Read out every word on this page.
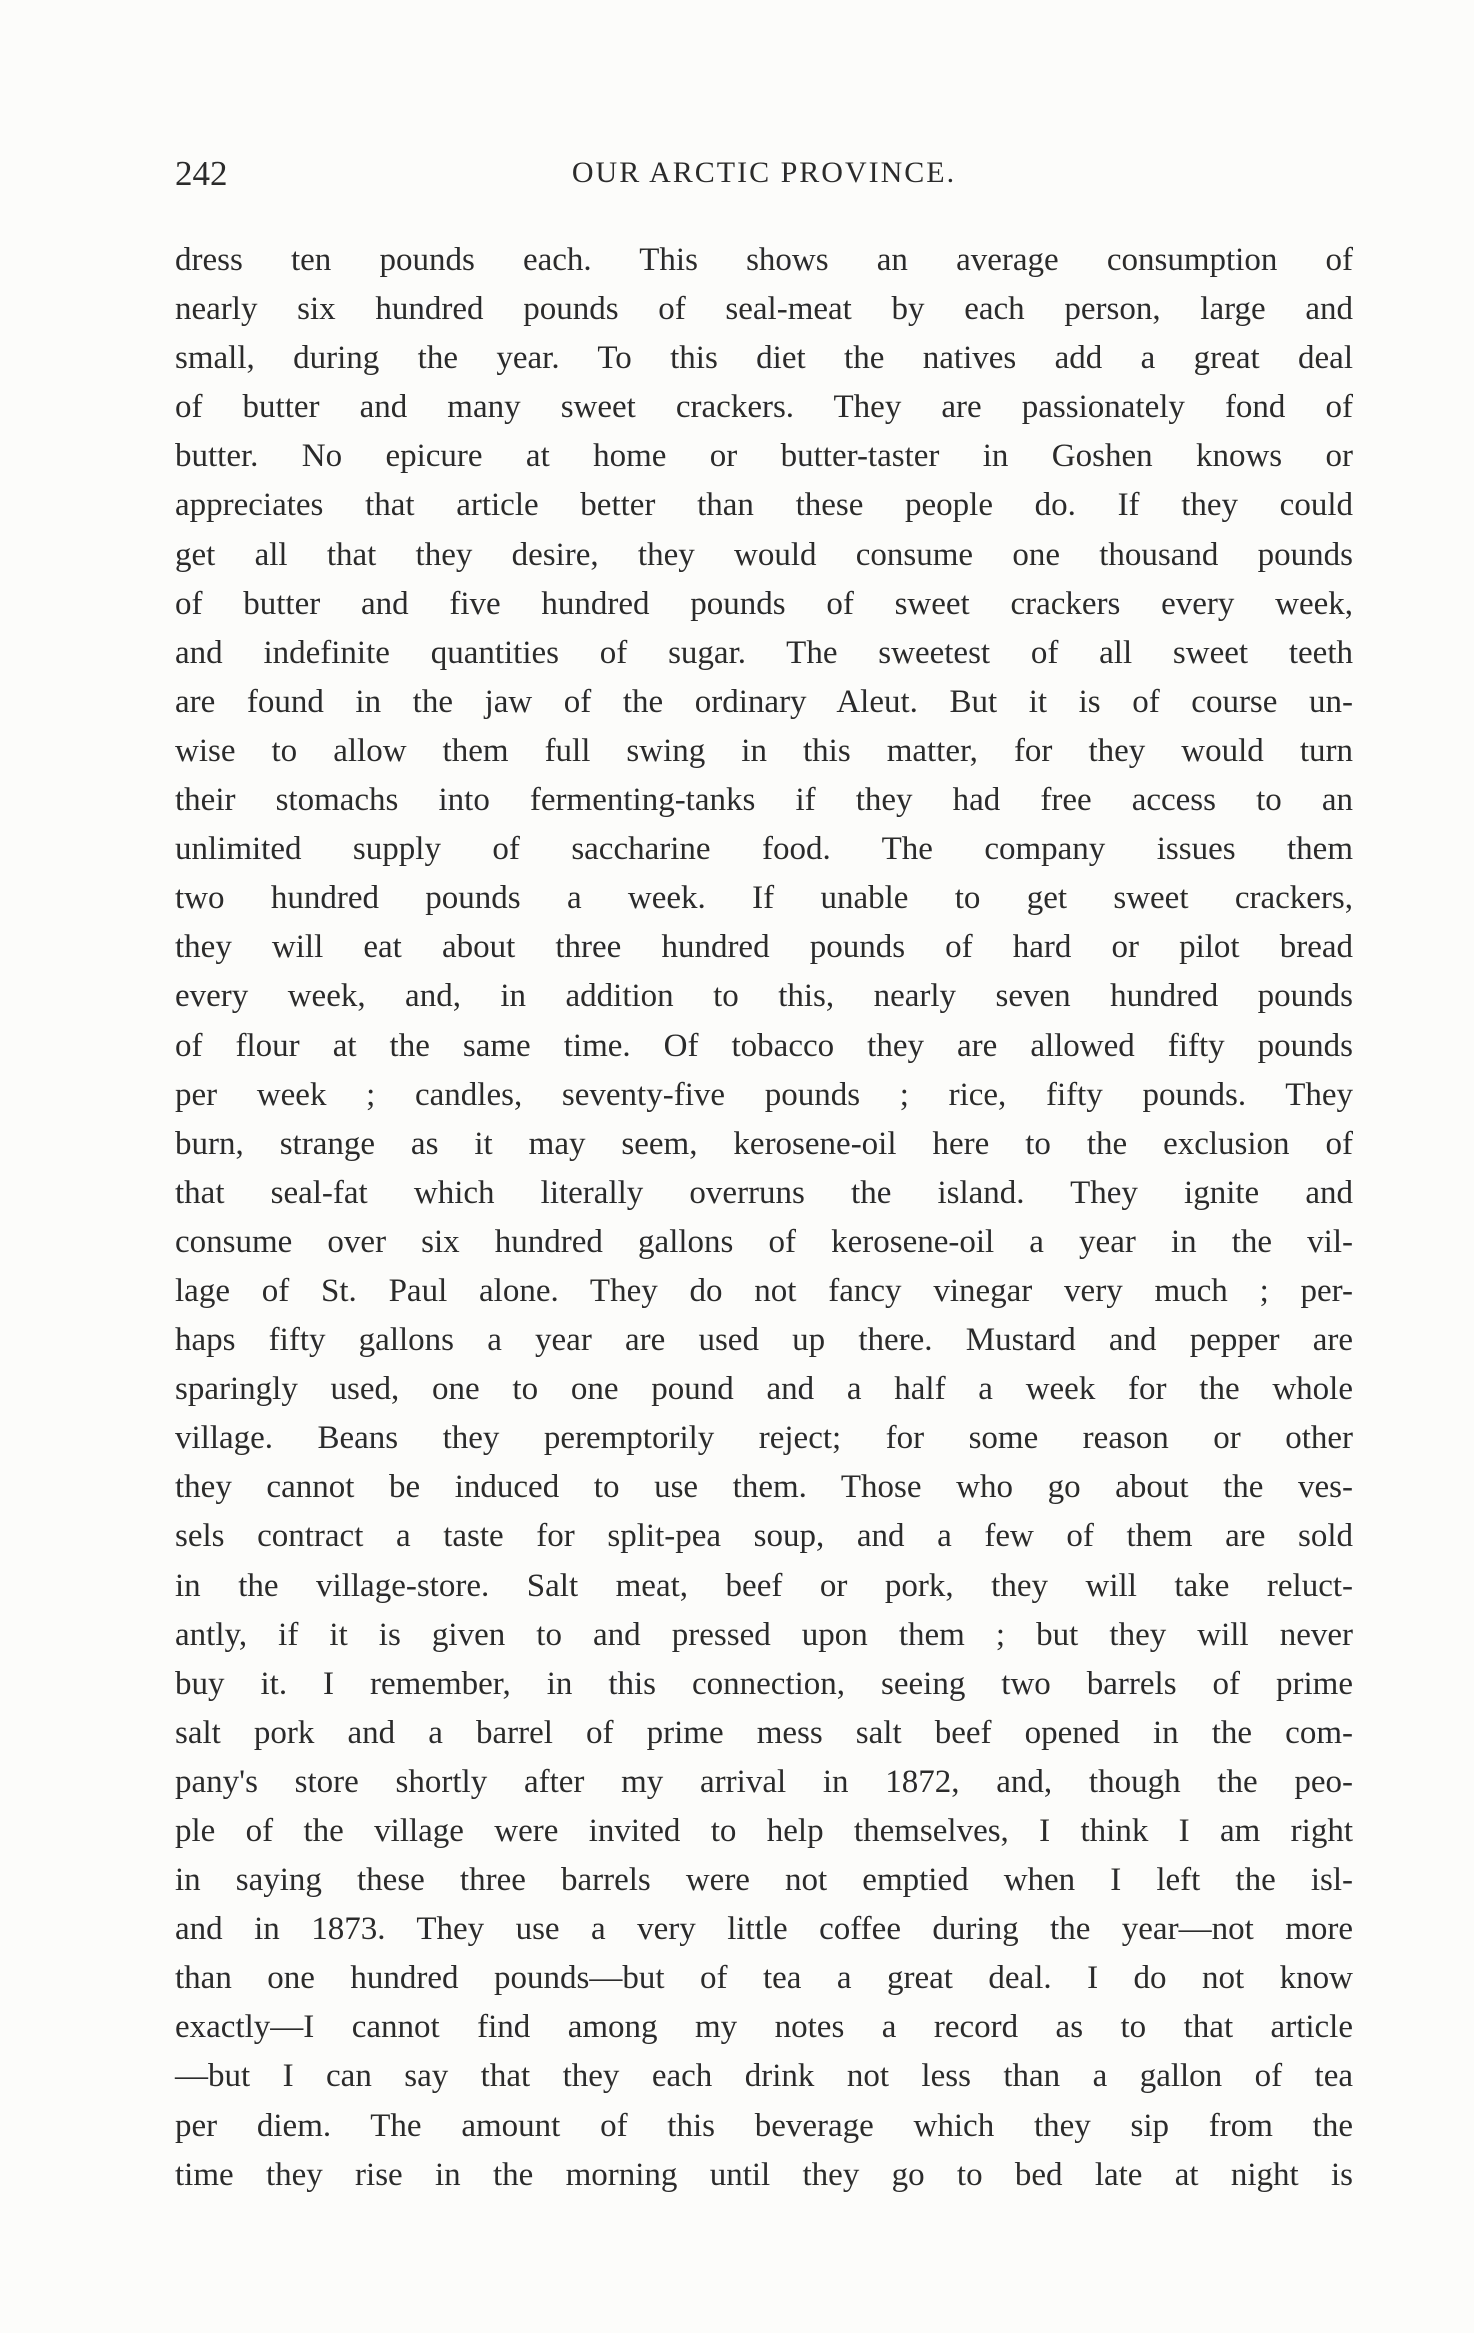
242	OUR ARCTIC PROVINCE.
dress ten pounds each. This shows an average consumption of
nearly six hundred pounds of seal-meat by each person, large and
small, during the year. To this diet the natives add a great deal
of butter and many sweet crackers. They are passionately fond of
butter. No epicure at home or butter-taster in Goshen knows or
appreciates that article better than these people do. If they could
get all that they desire, they would consume one thousand pounds
of butter and five hundred pounds of sweet crackers every week,
and indefinite quantities of sugar. The sweetest of all sweet teeth
are found in the jaw of the ordinary Aleut. But it is of course un-
wise to allow them full swing in this matter, for they would turn
their stomachs into fermenting-tanks if they had free access to an
unlimited supply of saccharine food. The company issues them
two hundred pounds a week. If unable to get sweet crackers,
they will eat about three hundred pounds of hard or pilot bread
every week, and, in addition to this, nearly seven hundred pounds
of flour at the same time. Of tobacco they are allowed fifty pounds
per week ; candles, seventy-five pounds ; rice, fifty pounds. They
burn, strange as it may seem, kerosene-oil here to the exclusion of
that seal-fat which literally overruns the island. They ignite and
consume over six hundred gallons of kerosene-oil a year in the vil-
lage of St. Paul alone. They do not fancy vinegar very much ; per-
haps fifty gallons a year are used up there. Mustard and pepper are
sparingly used, one to one pound and a half a week for the whole
village. Beans they peremptorily reject; for some reason or other
they cannot be induced to use them. Those who go about the ves-
sels contract a taste for split-pea soup, and a few of them are sold
in the village-store. Salt meat, beef or pork, they will take reluct-
antly, if it is given to and pressed upon them ; but they will never
buy it. I remember, in this connection, seeing two barrels of prime
salt pork and a barrel of prime mess salt beef opened in the com-
pany's store shortly after my arrival in 1872, and, though the peo-
ple of the village were invited to help themselves, I think I am right
in saying these three barrels were not emptied when I left the isl-
and in 1873. They use a very little coffee during the year—not more
than one hundred pounds—but of tea a great deal. I do not know
exactly—I cannot find among my notes a record as to that article
—but I can say that they each drink not less than a gallon of tea
per diem. The amount of this beverage which they sip from the
time they rise in the morning until they go to bed late at night is
